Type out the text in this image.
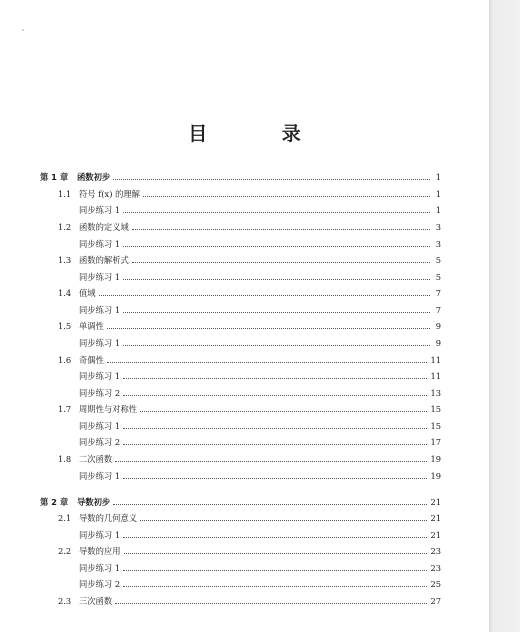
目 录
第 1 章	函数初步	1
1.1 符号 f(x) 的理解	1
同步练习 1	1
1.2 函数的定义域	3
同步练习 1	3
1.3 函数的解析式	5
同步练习 1	5
1.4 值域	7
同步练习 1	7
1.5 单调性	9
同步练习 1	9
1.6 奇偶性	11
同步练习 1	11
同步练习 2	13
1.7 周期性与对称性	15
同步练习 1	15
同步练习 2	17
1.8 二次函数	19
同步练习 1	19
第 2 章	导数初步	21
2.1 导数的几何意义	21
同步练习 1	21
2.2 导数的应用	23
同步练习 1	23
同步练习 2	25
2.3 三次函数	27
